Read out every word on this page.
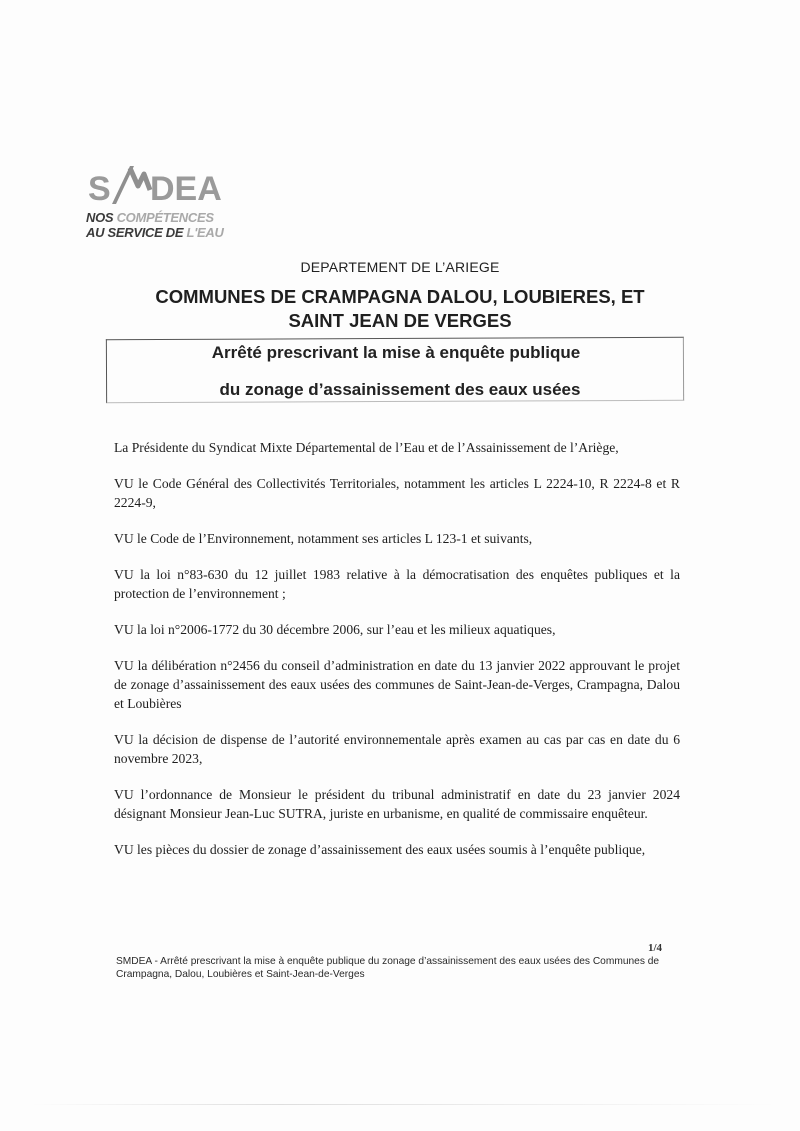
S DEA
NOS COMPÉTENCES
AU SERVICE DE L'EAU
DEPARTEMENT DE L’ARIEGE
COMMUNES DE CRAMPAGNA DALOU, LOUBIERES, ET
SAINT JEAN DE VERGES
Arrêté prescrivant la mise à enquête publique
du zonage d’assainissement des eaux usées

La Présidente du Syndicat Mixte Départemental de l’Eau et de l’Assainissement de l’Ariège,

VU le Code Général des Collectivités Territoriales, notamment les articles L 2224-10, R 2224-8 et R 2224-9,

VU le Code de l’Environnement, notamment ses articles L 123-1 et suivants,

VU la loi n°83-630 du 12 juillet 1983 relative à la démocratisation des enquêtes publiques et la protection de l’environnement ;

VU la loi n°2006-1772 du 30 décembre 2006, sur l’eau et les milieux aquatiques,

VU la délibération n°2456 du conseil d’administration en date du 13 janvier 2022 approuvant le projet de zonage d’assainissement des eaux usées des communes de Saint-Jean-de-Verges, Crampagna, Dalou et Loubières

VU la décision de dispense de l’autorité environnementale après examen au cas par cas en date du 6 novembre 2023,

VU l’ordonnance de Monsieur le président du tribunal administratif en date du 23 janvier 2024 désignant Monsieur Jean-Luc SUTRA, juriste en urbanisme, en qualité de commissaire enquêteur.

VU les pièces du dossier de zonage d’assainissement des eaux usées soumis à l’enquête publique,

1/4
SMDEA - Arrêté prescrivant la mise à enquête publique du zonage d’assainissement des eaux usées des Communes de Crampagna, Dalou, Loubières et Saint-Jean-de-Verges
